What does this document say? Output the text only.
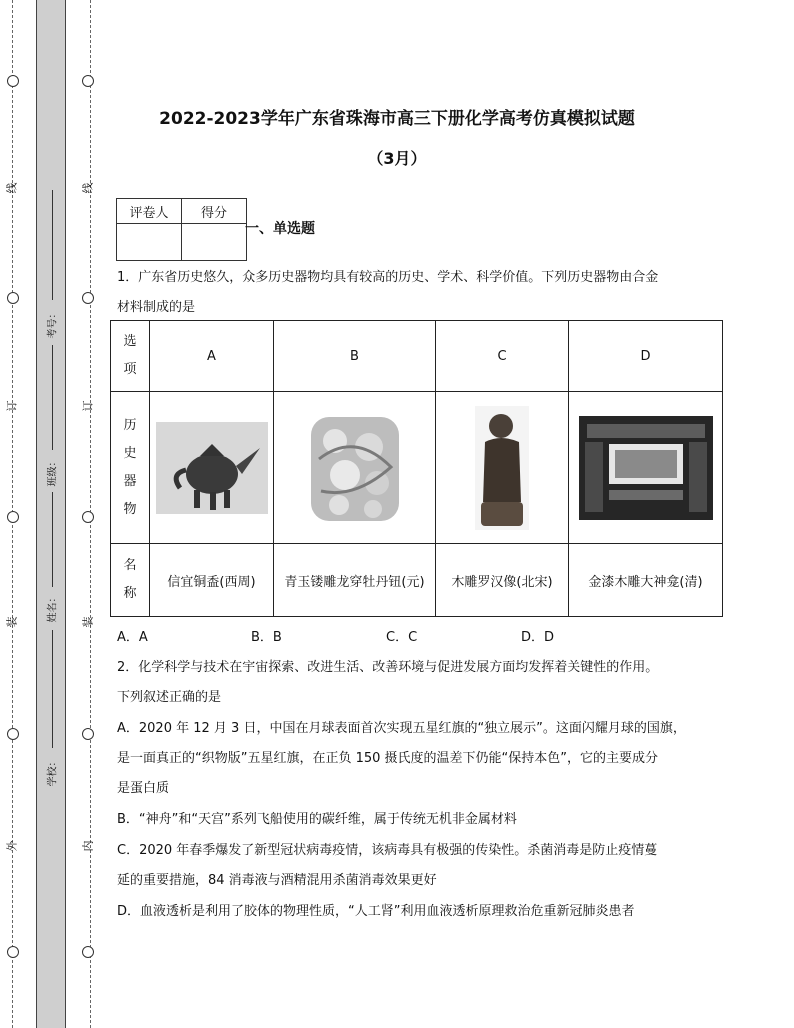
线
订
装
外
线
订
装
内
考号：
班级：
姓名：
学校：
2022-2023学年广东省珠海市高三下册化学高考仿真模拟试题
（3月）
评卷人	得分

一、单选题
1．广东省历史悠久，众多历史器物均具有较高的历史、学术、科学价值。下列历史器物由合金
材料制成的是
选
项	A	B	C	D
历
史
器
物	

名
称	信宜铜盉(西周)	青玉镂雕龙穿牡丹钮(元)	木雕罗汉像(北宋)	金漆木雕大神龛(清)
A．A	B．B	C．C	D．D
2．化学科学与技术在宇宙探索、改进生活、改善环境与促进发展方面均发挥着关键性的作用。
下列叙述正确的是
A．2020 年 12 月 3 日，中国在月球表面首次实现五星红旗的“独立展示”。这面闪耀月球的国旗，
是一面真正的“织物版”五星红旗，在正负 150 摄氏度的温差下仍能“保持本色”，它的主要成分
是蛋白质
B．“神舟”和“天宫”系列飞船使用的碳纤维，属于传统无机非金属材料
C．2020 年春季爆发了新型冠状病毒疫情，该病毒具有极强的传染性。杀菌消毒是防止疫情蔓
延的重要措施，84 消毒液与酒精混用杀菌消毒效果更好
D．血液透析是利用了胶体的物理性质，“人工肾”利用血液透析原理救治危重新冠肺炎患者
